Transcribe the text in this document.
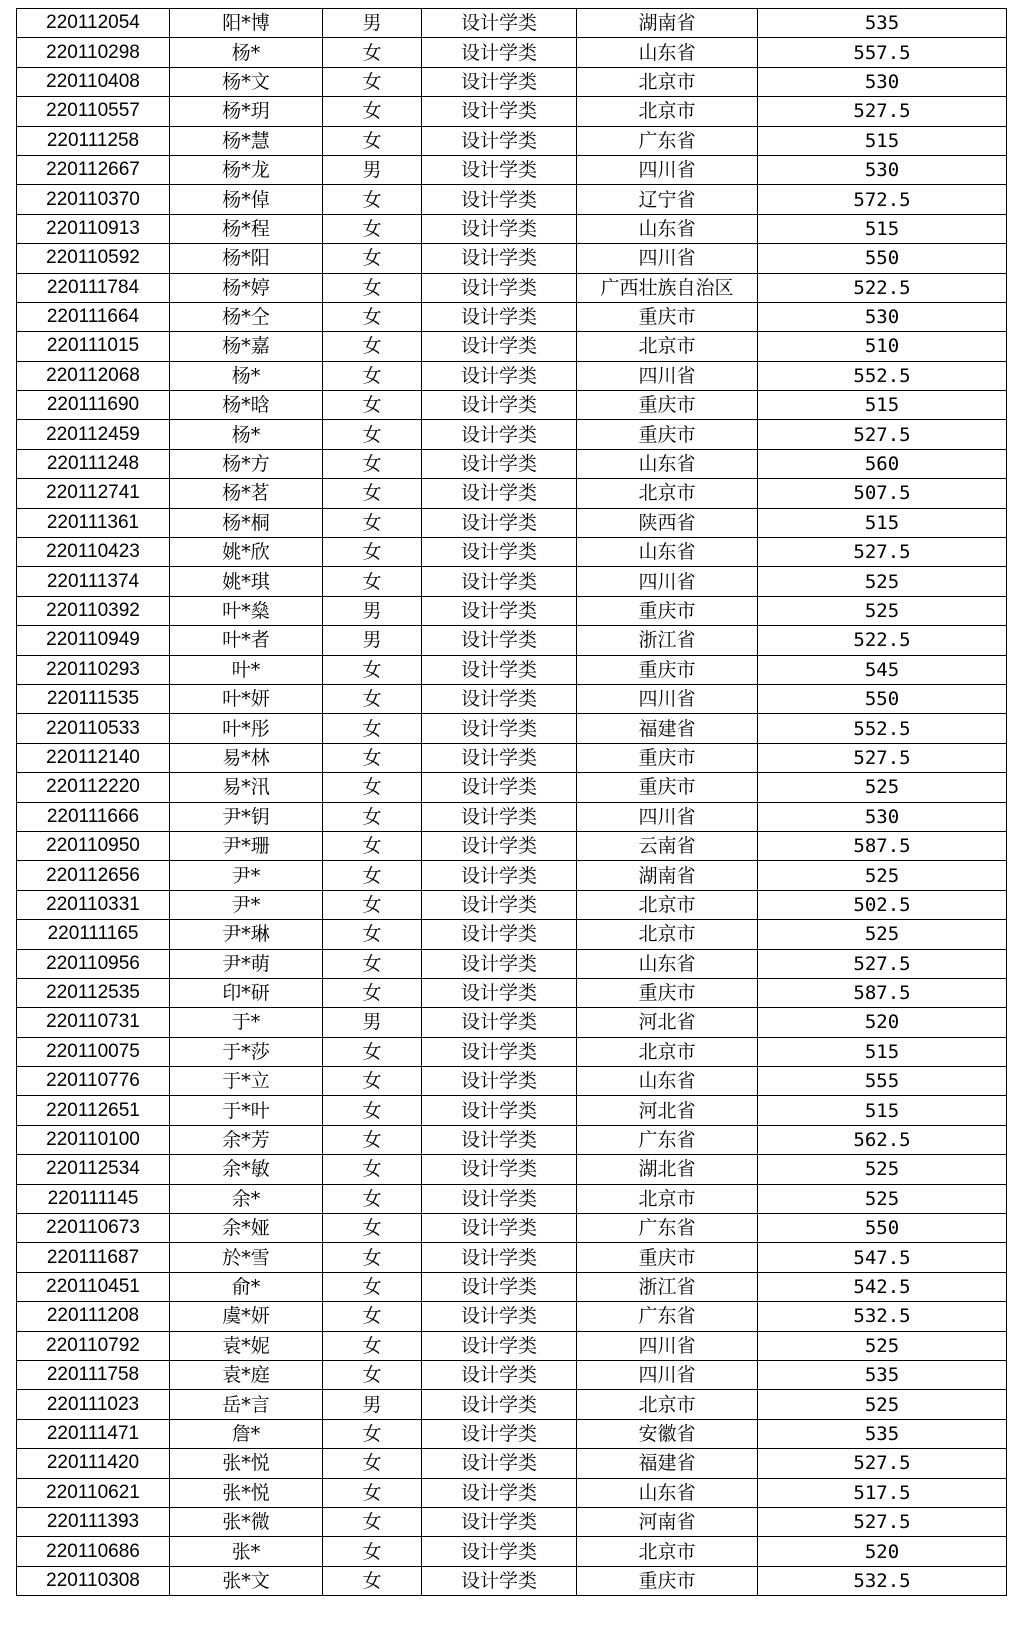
220112054	阳*博	男	设计学类	湖南省	535
220110298	杨*	女	设计学类	山东省	557.5
220110408	杨*文	女	设计学类	北京市	530
220110557	杨*玥	女	设计学类	北京市	527.5
220111258	杨*慧	女	设计学类	广东省	515
220112667	杨*龙	男	设计学类	四川省	530
220110370	杨*倬	女	设计学类	辽宁省	572.5
220110913	杨*程	女	设计学类	山东省	515
220110592	杨*阳	女	设计学类	四川省	550
220111784	杨*婷	女	设计学类	广西壮族自治区	522.5
220111664	杨*仝	女	设计学类	重庆市	530
220111015	杨*嘉	女	设计学类	北京市	510
220112068	杨*	女	设计学类	四川省	552.5
220111690	杨*晗	女	设计学类	重庆市	515
220112459	杨*	女	设计学类	重庆市	527.5
220111248	杨*方	女	设计学类	山东省	560
220112741	杨*茗	女	设计学类	北京市	507.5
220111361	杨*桐	女	设计学类	陕西省	515
220110423	姚*欣	女	设计学类	山东省	527.5
220111374	姚*琪	女	设计学类	四川省	525
220110392	叶*燊	男	设计学类	重庆市	525
220110949	叶*者	男	设计学类	浙江省	522.5
220110293	叶*	女	设计学类	重庆市	545
220111535	叶*妍	女	设计学类	四川省	550
220110533	叶*彤	女	设计学类	福建省	552.5
220112140	易*林	女	设计学类	重庆市	527.5
220112220	易*汛	女	设计学类	重庆市	525
220111666	尹*钥	女	设计学类	四川省	530
220110950	尹*珊	女	设计学类	云南省	587.5
220112656	尹*	女	设计学类	湖南省	525
220110331	尹*	女	设计学类	北京市	502.5
220111165	尹*琳	女	设计学类	北京市	525
220110956	尹*萌	女	设计学类	山东省	527.5
220112535	印*研	女	设计学类	重庆市	587.5
220110731	于*	男	设计学类	河北省	520
220110075	于*莎	女	设计学类	北京市	515
220110776	于*立	女	设计学类	山东省	555
220112651	于*叶	女	设计学类	河北省	515
220110100	余*芳	女	设计学类	广东省	562.5
220112534	余*敏	女	设计学类	湖北省	525
220111145	余*	女	设计学类	北京市	525
220110673	余*娅	女	设计学类	广东省	550
220111687	於*雪	女	设计学类	重庆市	547.5
220110451	俞*	女	设计学类	浙江省	542.5
220111208	虞*妍	女	设计学类	广东省	532.5
220110792	袁*妮	女	设计学类	四川省	525
220111758	袁*庭	女	设计学类	四川省	535
220111023	岳*言	男	设计学类	北京市	525
220111471	詹*	女	设计学类	安徽省	535
220111420	张*悦	女	设计学类	福建省	527.5
220110621	张*悦	女	设计学类	山东省	517.5
220111393	张*微	女	设计学类	河南省	527.5
220110686	张*	女	设计学类	北京市	520
220110308	张*文	女	设计学类	重庆市	532.5
